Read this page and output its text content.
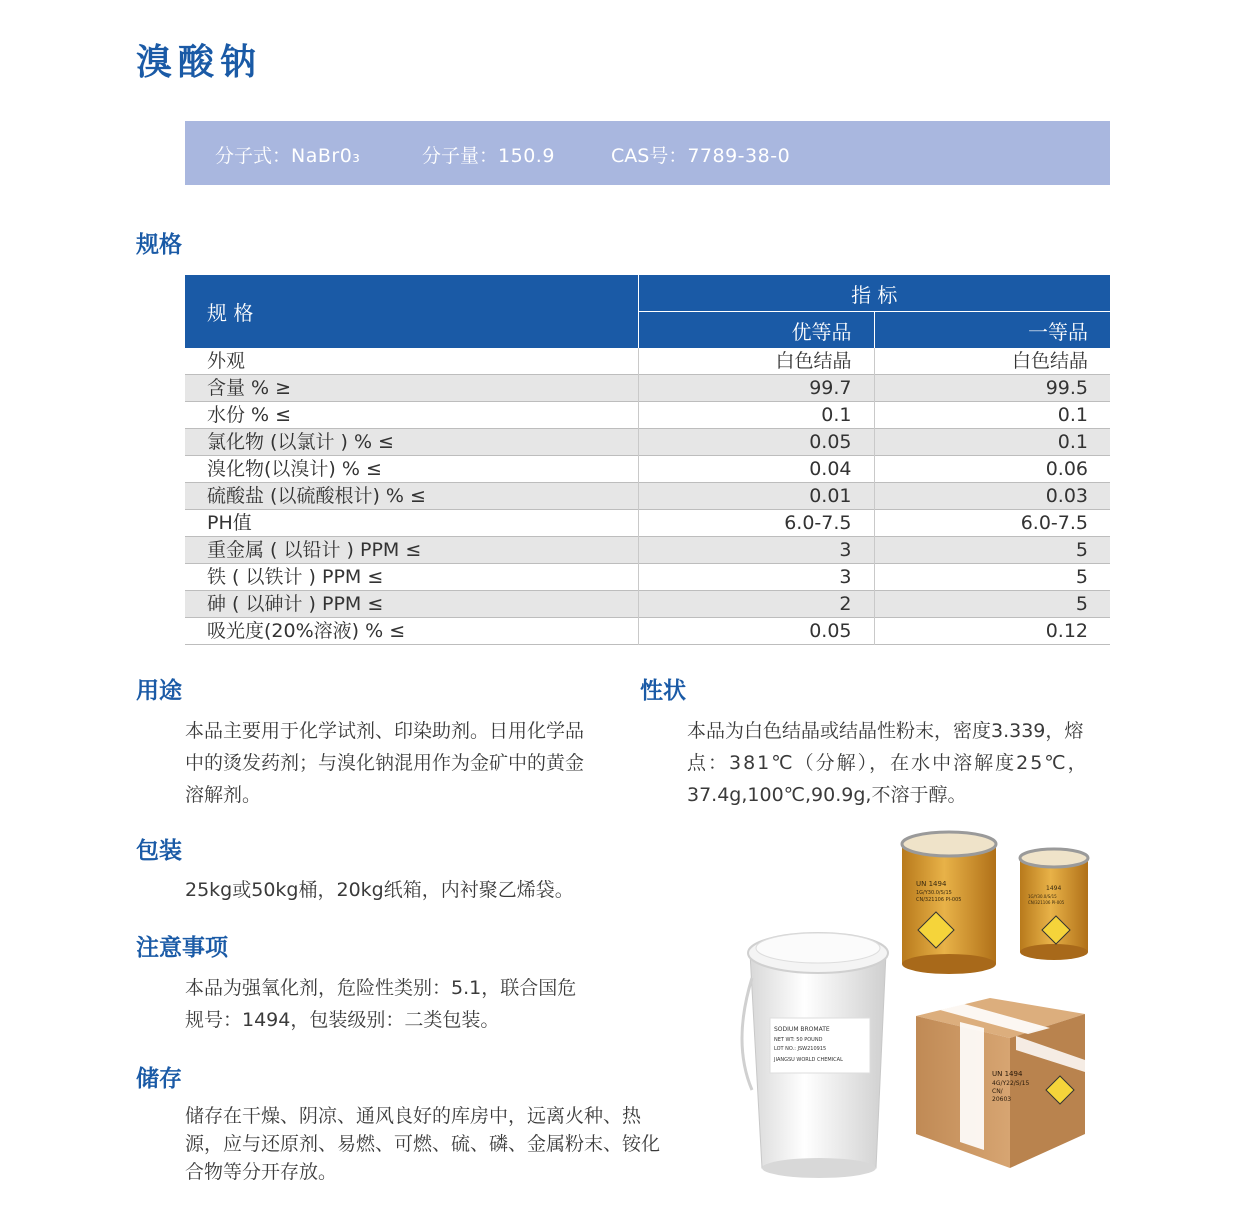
溴酸钠
分子式：NaBr0₃	分子量：150.9	CAS号：7789-38-0
规格
规 格	指 标	
	优等品	一等品
外观	白色结晶	白色结晶
含量 % ≥	99.7	99.5
水份 % ≤	0.1	0.1
氯化物 (以氯计 ) % ≤	0.05	0.1
溴化物(以溴计) % ≤	0.04	0.06
硫酸盐 (以硫酸根计) % ≤	0.01	0.03
PH值	6.0-7.5	6.0-7.5
重金属 ( 以铅计 ) PPM ≤	3	5
铁 ( 以铁计 ) PPM ≤	3	5
砷 ( 以砷计 ) PPM ≤	2	5
吸光度(20%溶液) % ≤	0.05	0.12
用途
本品主要用于化学试剂、印染助剂。日用化学品
中的烫发药剂；与溴化钠混用作为金矿中的黄金
溶解剂。
性状
本品为白色结晶或结晶性粉末，密度3.339，熔
点：381℃（分解），在水中溶解度25℃，
37.4g,100℃,90.9g,不溶于醇。
包装
25kg或50kg桶，20kg纸箱，内衬聚乙烯袋。
注意事项
本品为强氧化剂，危险性类别：5.1，联合国危
规号：1494，包装级别：二类包装。
储存
储存在干燥、阴凉、通风良好的库房中，远离火种、热
源，应与还原剂、易燃、可燃、硫、磷、金属粉末、铵化
合物等分开存放。
UN 1494
1G/Y30.0/S/15
CN/321106 PI-005
1494
1G/Y30.0/S/15
CN/321106 PI-005
UN 1494
4G/Y22/S/15
CN/
20603
SODIUM BROMATE
NET WT: 50 POUND
LOT NO.: JSW210915
JIANGSU WORLD CHEMICAL
